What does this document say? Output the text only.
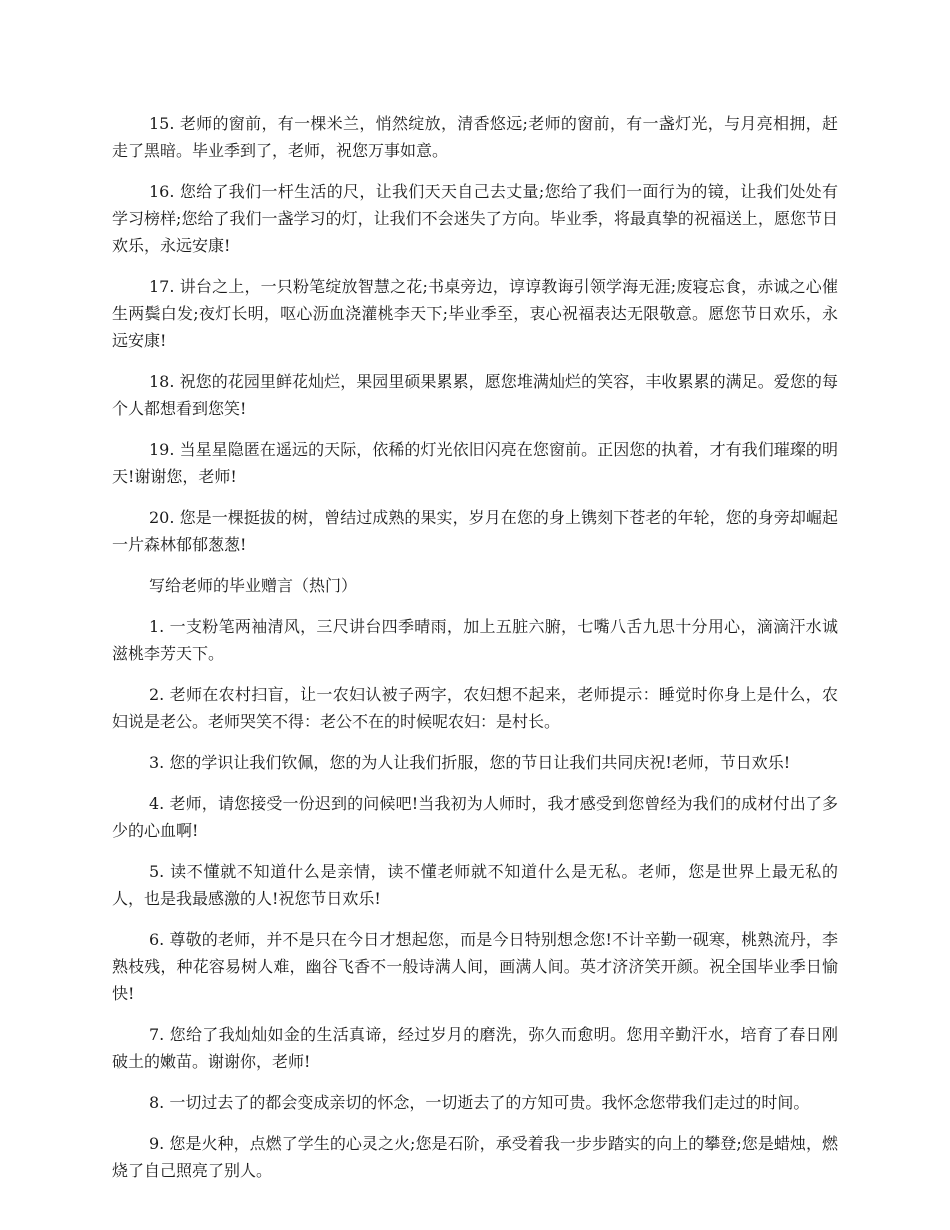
15. 老师的窗前，有一棵米兰，悄然绽放，清香悠远;老师的窗前，有一盏灯光，与月亮相拥，赶走了黑暗。毕业季到了，老师，祝您万事如意。

16. 您给了我们一杆生活的尺，让我们天天自己去丈量;您给了我们一面行为的镜，让我们处处有学习榜样;您给了我们一盏学习的灯，让我们不会迷失了方向。毕业季，将最真挚的祝福送上，愿您节日欢乐，永远安康!

17. 讲台之上，一只粉笔绽放智慧之花;书桌旁边，谆谆教诲引领学海无涯;废寝忘食，赤诚之心催生两鬓白发;夜灯长明，呕心沥血浇灌桃李天下;毕业季至，衷心祝福表达无限敬意。愿您节日欢乐，永远安康!

18. 祝您的花园里鲜花灿烂，果园里硕果累累，愿您堆满灿烂的笑容，丰收累累的满足。爱您的每个人都想看到您笑!

19. 当星星隐匿在遥远的天际，依稀的灯光依旧闪亮在您窗前。正因您的执着，才有我们璀璨的明天!谢谢您，老师!

20. 您是一棵挺拔的树，曾结过成熟的果实，岁月在您的身上镌刻下苍老的年轮，您的身旁却崛起一片森林郁郁葱葱!

写给老师的毕业赠言（热门）

1. 一支粉笔两袖清风，三尺讲台四季晴雨，加上五脏六腑，七嘴八舌九思十分用心，滴滴汗水诚滋桃李芳天下。

2. 老师在农村扫盲，让一农妇认被子两字，农妇想不起来，老师提示：睡觉时你身上是什么，农妇说是老公。老师哭笑不得：老公不在的时候呢农妇：是村长。

3. 您的学识让我们钦佩，您的为人让我们折服，您的节日让我们共同庆祝!老师，节日欢乐!

4. 老师，请您接受一份迟到的问候吧!当我初为人师时，我才感受到您曾经为我们的成材付出了多少的心血啊!

5. 读不懂就不知道什么是亲情，读不懂老师就不知道什么是无私。老师，您是世界上最无私的人，也是我最感激的人!祝您节日欢乐!

6. 尊敬的老师，并不是只在今日才想起您，而是今日特别想念您!不计辛勤一砚寒，桃熟流丹，李熟枝残，种花容易树人难，幽谷飞香不一般诗满人间，画满人间。英才济济笑开颜。祝全国毕业季日愉快!

7. 您给了我灿灿如金的生活真谛，经过岁月的磨洗，弥久而愈明。您用辛勤汗水，培育了春日刚破土的嫩苗。谢谢你，老师!

8. 一切过去了的都会变成亲切的怀念，一切逝去了的方知可贵。我怀念您带我们走过的时间。

9. 您是火种，点燃了学生的心灵之火;您是石阶，承受着我一步步踏实的向上的攀登;您是蜡烛，燃烧了自己照亮了别人。
